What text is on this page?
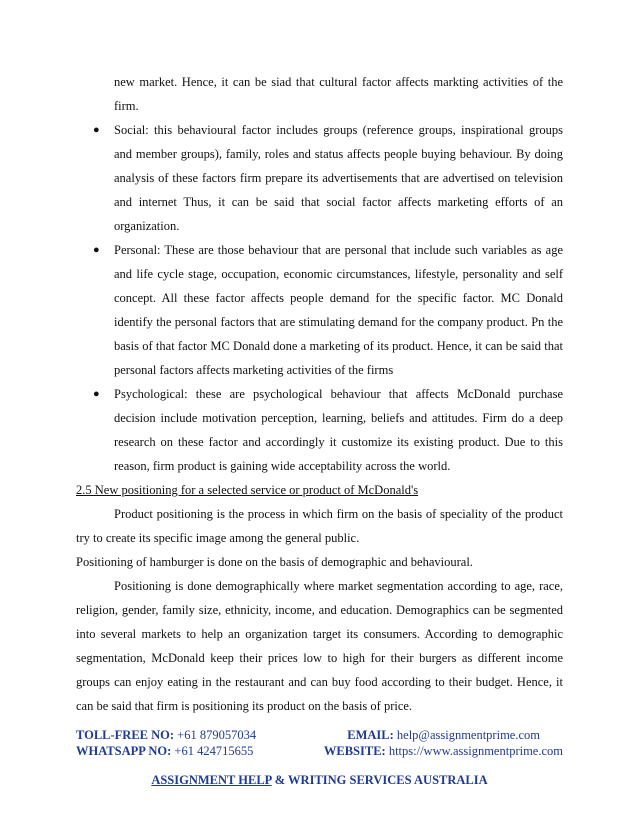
new market. Hence, it can be siad that cultural factor affects markting activities of the firm.
● Social: this behavioural factor includes groups (reference groups, inspirational groups and member groups), family, roles and status affects people buying behaviour. By doing analysis of these factors firm prepare its advertisements that are advertised on television and internet Thus, it can be said that social factor affects marketing efforts of an organization.
● Personal: These are those behaviour that are personal that include such variables as age and life cycle stage, occupation, economic circumstances, lifestyle, personality and self concept. All these factor affects people demand for the specific factor. MC Donald identify the personal factors that are stimulating demand for the company product. Pn the basis of that factor MC Donald done a marketing of its product. Hence, it can be said that personal factors affects marketing activities of the firms
● Psychological: these are psychological behaviour that affects McDonald purchase decision include motivation perception, learning, beliefs and attitudes. Firm do a deep research on these factor and accordingly it customize its existing product. Due to this reason, firm product is gaining wide acceptability across the world.

2.5 New positioning for a selected service or product of McDonald's

Product positioning is the process in which firm on the basis of speciality of the product try to create its specific image among the general public.

Positioning of hamburger is done on the basis of demographic and behavioural.

Positioning is done demographically where market segmentation according to age, race, religion, gender, family size, ethnicity, income, and education. Demographics can be segmented into several markets to help an organization target its consumers. According to demographic segmentation, McDonald keep their prices low to high for their burgers as different income groups can enjoy eating in the restaurant and can buy food according to their budget. Hence, it can be said that firm is positioning its product on the basis of price.

TOLL-FREE NO: +61 879057034	EMAIL: help@assignmentprime.com
WHATSAPP NO: +61 424715655	WEBSITE: https://www.assignmentprime.com
ASSIGNMENT HELP & WRITING SERVICES AUSTRALIA
